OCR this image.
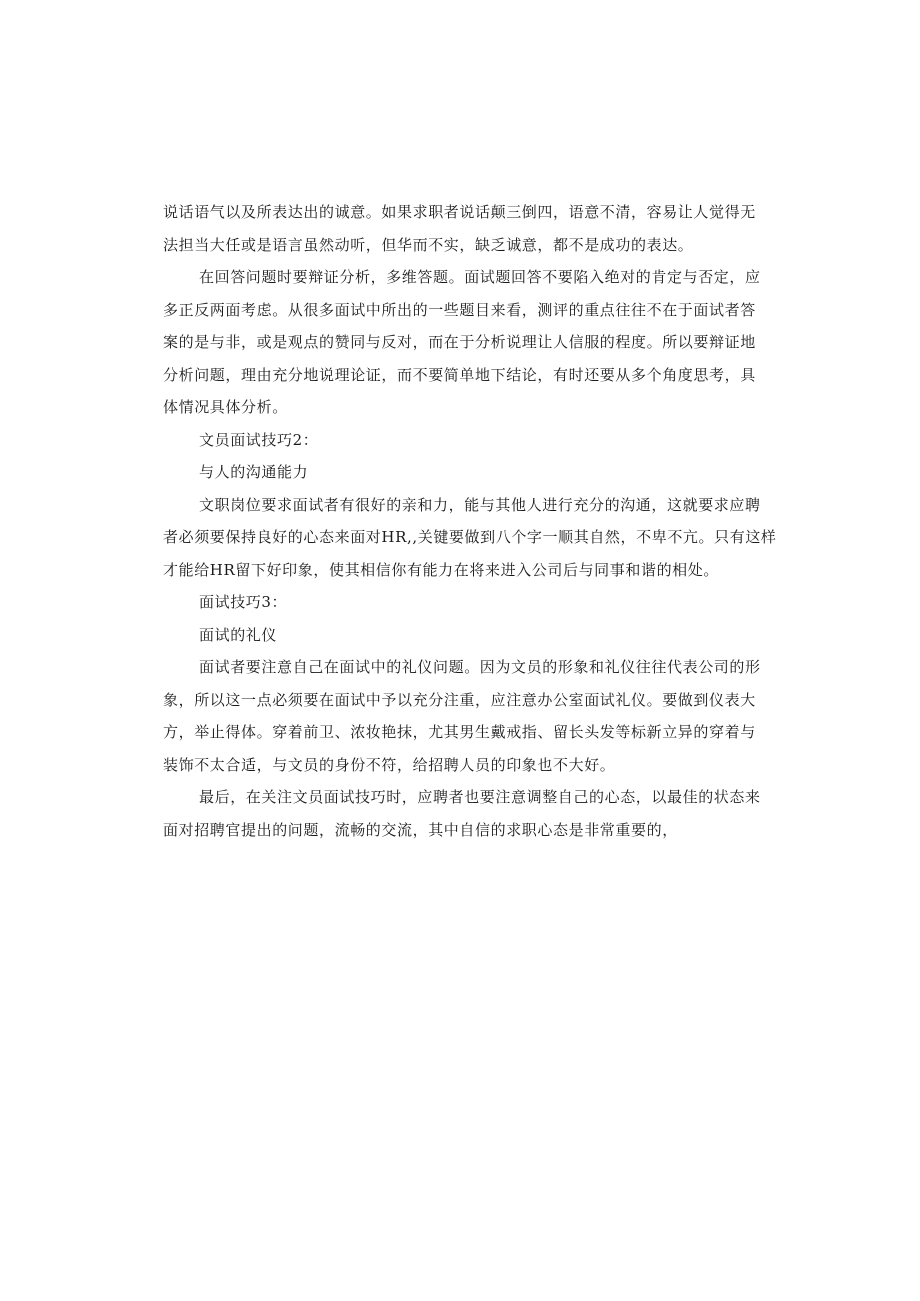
说话语气以及所表达出的诚意。如果求职者说话颠三倒四，语意不清，容易让人觉得无
法担当大任或是语言虽然动听，但华而不实，缺乏诚意，都不是成功的表达。

在回答问题时要辩证分析，多维答题。面试题回答不要陷入绝对的肯定与否定，应
多正反两面考虑。从很多面试中所出的一些题目来看，测评的重点往往不在于面试者答
案的是与非，或是观点的赞同与反对，而在于分析说理让人信服的程度。所以要辩证地
分析问题，理由充分地说理论证，而不要简单地下结论，有时还要从多个角度思考，具
体情况具体分析。

文员面试技巧2：

与人的沟通能力

文职岗位要求面试者有很好的亲和力，能与其他人进行充分的沟通，这就要求应聘
者必须要保持良好的心态来面对HR,,关键要做到八个字一顺其自然，不卑不亢。只有这样
才能给HR留下好印象，使其相信你有能力在将来进入公司后与同事和谐的相处。

面试技巧3：

面试的礼仪

面试者要注意自己在面试中的礼仪问题。因为文员的形象和礼仪往往代表公司的形
象，所以这一点必须要在面试中予以充分注重，应注意办公室面试礼仪。要做到仪表大
方，举止得体。穿着前卫、浓妆艳抹，尤其男生戴戒指、留长头发等标新立异的穿着与
装饰不太合适，与文员的身份不符，给招聘人员的印象也不大好。

最后，在关注文员面试技巧时，应聘者也要注意调整自己的心态，以最佳的状态来
面对招聘官提出的问题，流畅的交流，其中自信的求职心态是非常重要的，
